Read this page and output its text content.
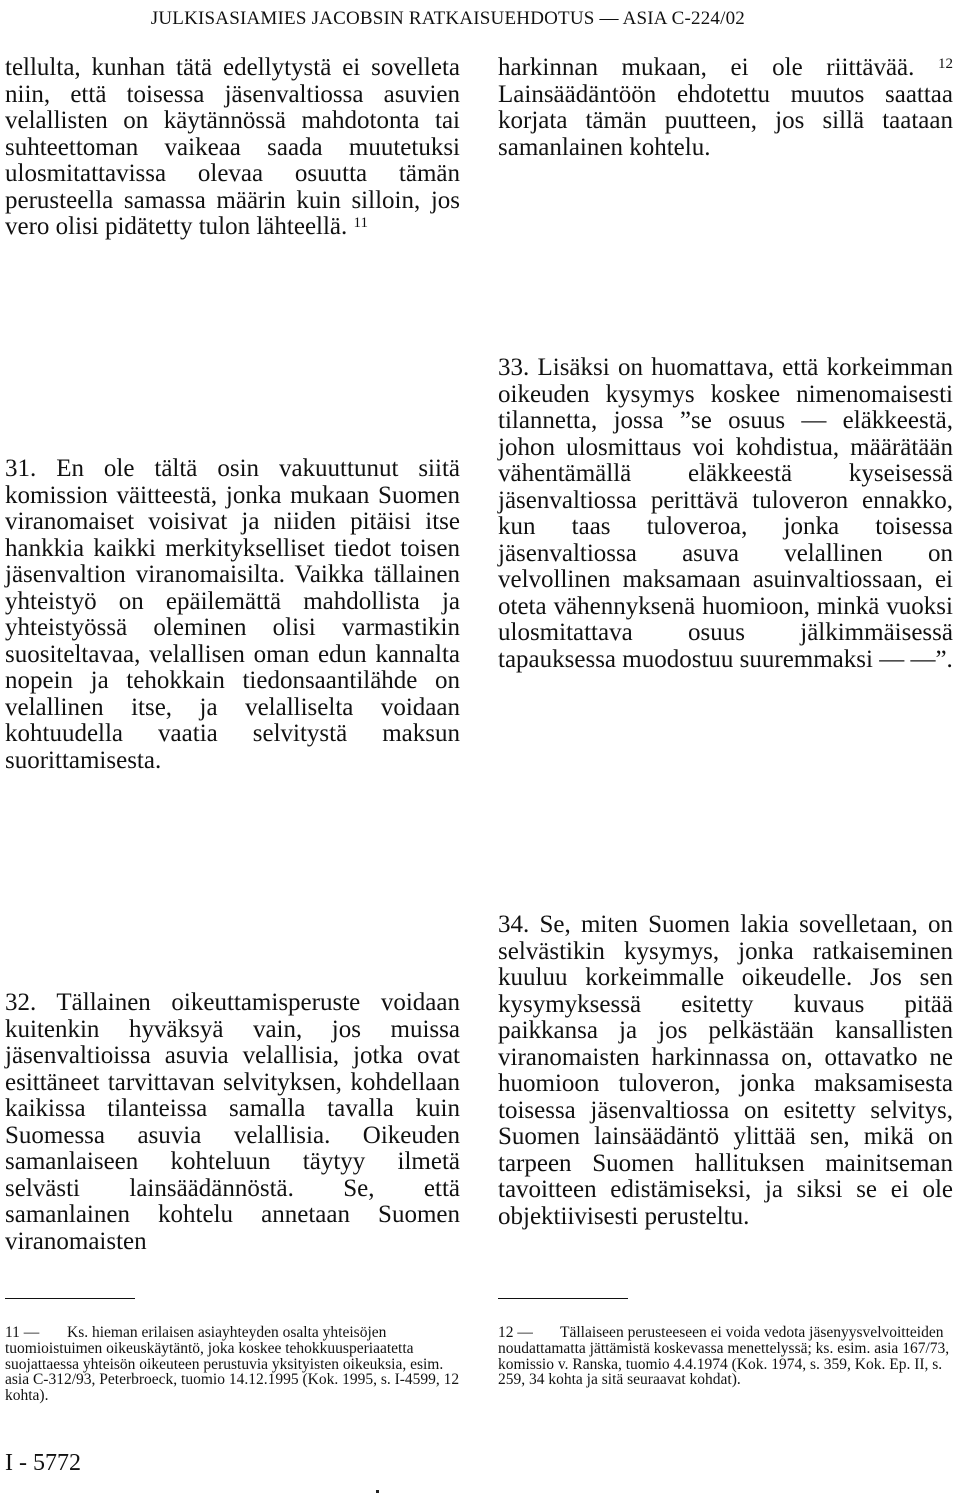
JULKISASIAMIES JACOBSIN RATKAISUEHDOTUS — ASIA C-224/02

tellulta, kunhan tätä edellytystä ei sovelleta niin, että toisessa jäsenvaltiossa asuvien velallisten on käytännössä mahdotonta tai suhteettoman vaikeaa saada muutetuksi ulosmitattavissa olevaa osuutta tämän perusteella samassa määrin kuin silloin, jos vero olisi pidätetty tulon lähteellä. $^{11}$

31. En ole tältä osin vakuuttunut siitä komission väitteestä, jonka mukaan Suomen viranomaiset voisivat ja niiden pitäisi itse hankkia kaikki merkitykselliset tiedot toisen jäsenvaltion viranomaisilta. Vaikka tällainen yhteistyö on epäilemättä mahdollista ja yhteistyössä oleminen olisi varmastikin suositeltavaa, velallisen oman edun kannalta nopein ja tehokkain tiedonsaantilähde on velallinen itse, ja velalliselta voidaan kohtuudella vaatia selvitystä maksun suorittamisesta.

32. Tällainen oikeuttamisperuste voidaan kuitenkin hyväksyä vain, jos muissa jäsenvaltioissa asuvia velallisia, jotka ovat esittäneet tarvittavan selvityksen, kohdellaan kaikissa tilanteissa samalla tavalla kuin Suomessa asuvia velallisia. Oikeuden samanlaiseen kohteluun täytyy ilmetä selvästi lainsäädännöstä. Se, että samanlainen kohtelu annetaan Suomen viranomaisten

harkinnan mukaan, ei ole riittävää. $^{12}$ Lainsäädäntöön ehdotettu muutos saattaa korjata tämän puutteen, jos sillä taataan samanlainen kohtelu.

33. Lisäksi on huomattava, että korkeimman oikeuden kysymys koskee nimenomaisesti tilannetta, jossa ”se osuus — eläkkeestä, johon ulosmittaus voi kohdistua, määrätään vähentämällä eläkkeestä kyseisessä jäsenvaltiossa perittävä tuloveron ennakko, kun taas tuloveroa, jonka toisessa jäsenvaltiossa asuva velallinen on velvollinen maksamaan asuinvaltiossaan, ei oteta vähennyksenä huomioon, minkä vuoksi ulosmitattava osuus jälkimmäisessä tapauksessa muodostuu suuremmaksi — —”.

34. Se, miten Suomen lakia sovelletaan, on selvästikin kysymys, jonka ratkaiseminen kuuluu korkeimmalle oikeudelle. Jos sen kysymyksessä esitetty kuvaus pitää paikkansa ja jos pelkästään kansallisten viranomaisten harkinnassa on, ottavatko ne huomioon tuloveron, jonka maksamisesta toisessa jäsenvaltiossa on esitetty selvitys, Suomen lainsäädäntö ylittää sen, mikä on tarpeen Suomen hallituksen mainitseman tavoitteen edistämiseksi, ja siksi se ei ole objektiivisesti perusteltu.

11 —	Ks. hieman erilaisen asiayhteyden osalta yhteisöjen tuomioistuimen oikeuskäytäntö, joka koskee tehokkuusperiaatetta suojattaessa yhteisön oikeuteen perustuvia yksityisten oikeuksia, esim. asia C-312/93, Peterbroeck, tuomio 14.12.1995 (Kok. 1995, s. I-4599, 12 kohta).
12 —	Tällaiseen perusteeseen ei voida vedota jäsenyysvelvoitteiden noudattamatta jättämistä koskevassa menettelyssä; ks. esim. asia 167/73, komissio v. Ranska, tuomio 4.4.1974 (Kok. 1974, s. 359, Kok. Ep. II, s. 259, 34 kohta ja sitä seuraavat kohdat).
I - 5772
